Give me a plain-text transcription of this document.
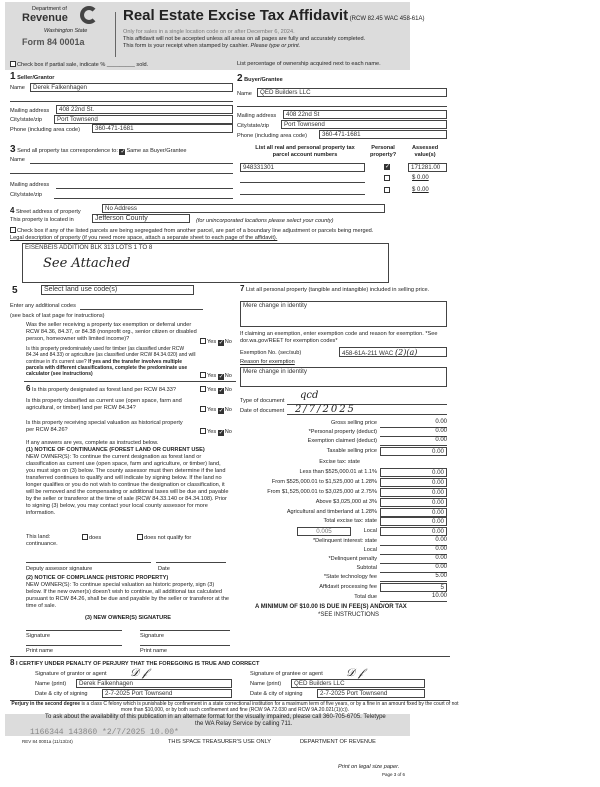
Department of
Revenue
Washington State
Form 84 0001a
Real Estate Excise Tax Affidavit (RCW 82.45 WAC 458-61A)
Only for sales in a single location code on or after December 6, 2024.
This affidavit will not be accepted unless all areas on all pages are fully and accurately completed.
This form is your receipt when stamped by cashier. Please type or print.
Check box if partial sale, indicate % _________ sold.	List percentage of ownership acquired next to each name.
1 Seller/Grantor
Name	Derek Falkenhagen
Mailing address	408 22nd St.
City/state/zip	Port Townsend
Phone (including area code)	360-471-1681
2 Buyer/Grantee
Name	QED Builders LLC
Mailing address	408 22nd St
City/state/zip	Port Townsend
Phone (including area code)	360-471-1681
3 Send all property tax correspondence to: ✓Same as Buyer/Grantee
Name
Mailing address
City/state/zip
List all real and personal property tax
parcel account numbers
Personal
property?
Assessed
value(s)
948331301	✓	171281.00
$ 0.00
$ 0.00
4 Street address of property	No Address
This property is located in	Jefferson County	(for unincorporated locations please select your county)
Check box if any of the listed parcels are being segregated from another parcel, are part of a boundary line adjustment or parcels being merged.
Legal description of property (if you need more space, attach a separate sheet to each page of the affidavit).
EISENBEIS ADDITION BLK 313 LOTS 1 TO 8
See Attached
5	Select land use code(s)
Enter any additional codes
(see back of last page for instructions)
Was the seller receiving a property tax exemption or deferral under RCW 84.36, 84.37, or 84.38 (nonprofit org., senior citizen or disabled person, homeowner with limited income)?
Yes ✓No
Is this property predominately used for timber (as classified under RCW 84.34 and 84.33) or agriculture (as classified under RCW 84.34.020) and will continue in it's current use? If yes and the transfer involves multiple parcels with different classifications, complete the predominate use calculator (see instructions)	Yes ✓No
6 Is this property designated as forest land per RCW 84.33?	Yes ✓No
Is this property classified as current use (open space, farm and agricultural, or timber) land per RCW 84.34?	Yes ✓No
Is this property receiving special valuation as historical property per RCW 84.26?	Yes ✓No
If any answers are yes, complete as instructed below.
(1) NOTICE OF CONTINUANCE (FOREST LAND OR CURRENT USE)
NEW OWNER(S): To continue the current designation as forest land or classification as current use (open space, farm and agriculture, or timber) land, you must sign on (3) below. The county assessor must then determine if the land transferred continues to qualify and will indicate by signing below. If the land no longer qualifies or you do not wish to continue the designation or classification, it will be removed and the compensating or additional taxes will be due and payable by the seller or transferor at the time of sale (RCW 84.33.140 or 84.34.108). Prior to signing (3) below, you may contact your local county assessor for more information.
This land:	does	does not qualify for
continuance.
Deputy assessor signature	Date
(2) NOTICE OF COMPLIANCE (HISTORIC PROPERTY)
NEW OWNER(S): To continue special valuation as historic property, sign (3) below. If the new owner(s) doesn't wish to continue, all additional tax calculated pursuant to RCW 84.26, shall be due and payable by the seller or transferor at the time of sale.
(3) NEW OWNER(S) SIGNATURE
Signature	Signature
Print name	Print name
7 List all personal property (tangible and intangible) included in selling price.
Mere change in identity
If claiming an exemption, enter exemption code and reason for exemption. *See dor.wa.gov/REET for exemption codes*
Exemption No. (sec/sub)	458-61A-211 WAC (2)(a)
Reason for exemption
Mere change in identity
Type of document qcd
Date of document 2/7/2025
Gross selling price	0.00
*Personal property (deduct)	0.00
Exemption claimed (deduct)	0.00
Taxable selling price	0.00
Excise tax: state
Less than $525,000.01 at 1.1%	0.00
From $525,000.01 to $1,525,000 at 1.28%	0.00
From $1,525,000.01 to $3,025,000 at 2.75%	0.00
Above $3,025,000 at 3%	0.00
Agricultural and timberland at 1.28%	0.00
Total excise tax: state	0.00
Local	0.00
*Delinquent interest: state	0.00
Local	0.00
*Delinquent penalty	0.00
Subtotal	0.00
*State technology fee	5.00
Affidavit processing fee	5
Total due	10.00
0.005
A MINIMUM OF $10.00 IS DUE IN FEE(S) AND/OR TAX
*SEE INSTRUCTIONS
8 I CERTIFY UNDER PENALTY OF PERJURY THAT THE FOREGOING IS TRUE AND CORRECT
Signature of grantor or agent 𝒟 𝒻
Name (print)	Derek Falkenhagen
Date & city of signing	2-7-2025 Port Townsend
Signature of grantee or agent 𝒟 𝒻
Name (print)	QED Builders LLC
Date & city of signing	2-7-2025 Port Townsend
Perjury in the second degree is a class C felony which is punishable by confinement in a state correctional institution for a maximum term of five years, or by a fine in an amount fixed by the court of not more than $10,000, or by both such confinement and fine (RCW 9A.72.030 and RCW 9A.20.021(1)(c)).
To ask about the availability of this publication in an alternate format for the visually impaired, please call 360-705-6705. Teletype
the WA Relay Service by calling 711.
1166344 143860 *2/7/2025 10.00*
REV 84 0001a (11/13/24)	THIS SPACE TREASURER'S USE ONLY	DEPARTMENT OF REVENUE
Print on legal size paper.
Page 3 of 6
